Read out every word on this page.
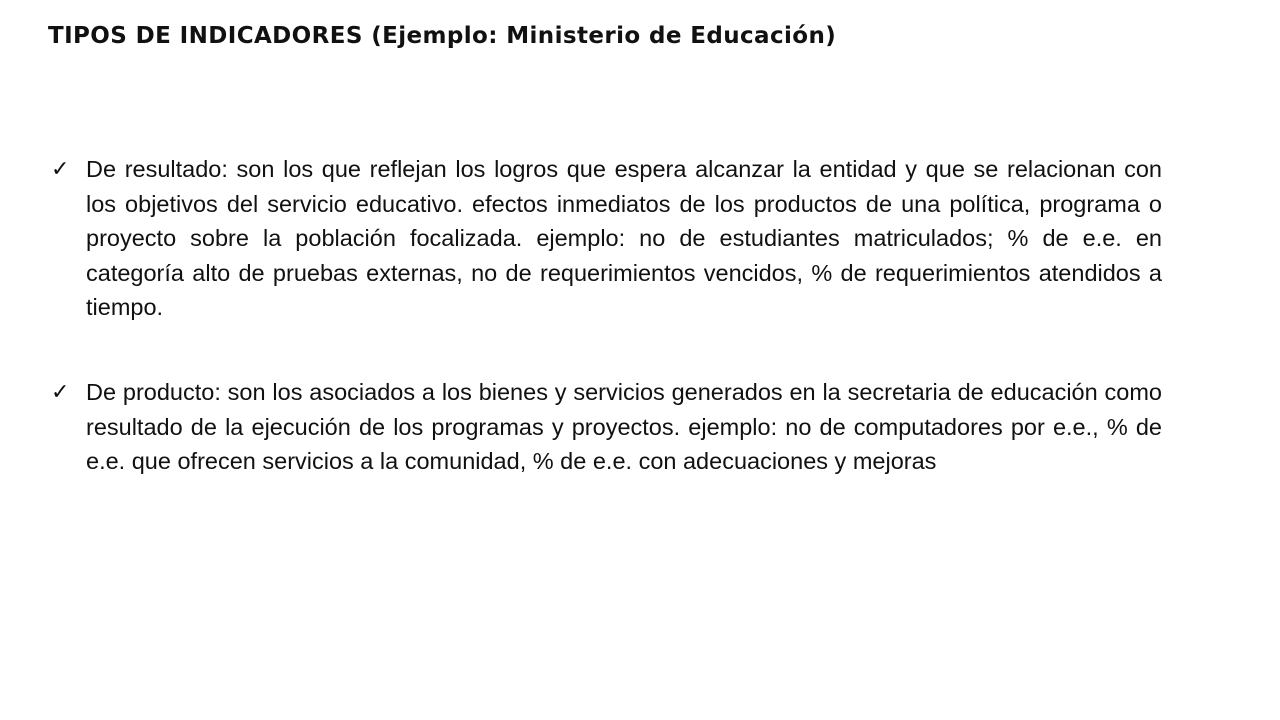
TIPOS DE INDICADORES (Ejemplo: Ministerio de Educación)
✓ De resultado: son los que reflejan los logros que espera alcanzar la entidad y que se relacionan con los objetivos del servicio educativo. efectos inmediatos de los productos de una política, programa o proyecto sobre la población focalizada. ejemplo: no de estudiantes matriculados; % de e.e. en categoría alto de pruebas externas, no de requerimientos vencidos, % de requerimientos atendidos a tiempo.
✓ De producto: son los asociados a los bienes y servicios generados en la secretaria de educación como resultado de la ejecución de los programas y proyectos. ejemplo: no de computadores por e.e., % de e.e. que ofrecen servicios a la comunidad, % de e.e. con adecuaciones y mejoras
